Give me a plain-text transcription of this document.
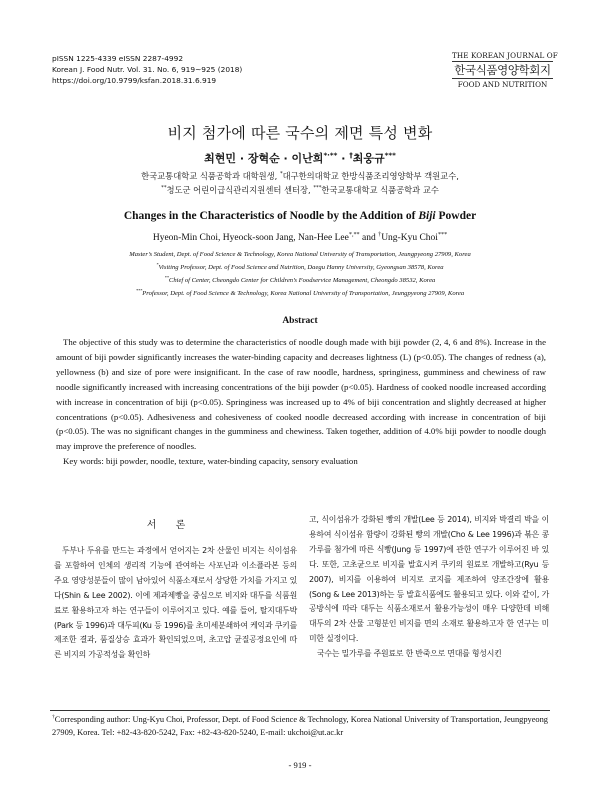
pISSN 1225-4339 eISSN 2287-4992
Korean J. Food Nutr. Vol. 31. No. 6, 919~925 (2018)
https://doi.org/10.9799/ksfan.2018.31.6.919
THE KOREAN JOURNAL OF
한국식품영양학회지
FOOD AND NUTRITION
비지 첨가에 따른 국수의 제면 특성 변화
최현민 · 장혁순 · 이난희*·** · †최웅규***
한국교통대학교 식품공학과 대학원생, *대구한의대학교 한방식품조리영양학부 객원교수,
**청도군 어린이급식관리지원센터 센터장, ***한국교통대학교 식품공학과 교수
Changes in the Characteristics of Noodle by the Addition of Biji Powder
Hyeon-Min Choi, Hyeock-soon Jang, Nan-Hee Lee*,** and †Ung-Kyu Choi***
Master’s Student, Dept. of Food Science & Technology, Korea National University of Transportation, Jeungpyeong 27909, Korea
*Visiting Professor, Dept. of Food Science and Nutrition, Daegu Hanny University, Gyeongsan 38578, Korea
**Chief of Center, Cheongdo Center for Children’s Foodservice Management, Cheongdo 38532, Korea
***Professor, Dept. of Food Science & Technology, Korea National University of Transportation, Jeungpyeong 27909, Korea
Abstract
The objective of this study was to determine the characteristics of noodle dough made with biji powder (2, 4, 6 and 8%). Increase in the amount of biji powder significantly increases the water-binding capacity and decreases lightness (L) (p<0.05). The changes of redness (a), yellowness (b) and size of pore were insignificant. In the case of raw noodle, hardness, springiness, gumminess and chewiness of raw noodle significantly increased with increasing concentrations of the biji powder (p<0.05). Hardness of cooked noodle increased according with increase in concentration of biji (p<0.05). Springiness was increased up to 4% of biji concentration and slightly decreased at higher concentrations (p<0.05). Adhesiveness and cohesiveness of cooked noodle decreased according with increase in concentration of biji (p<0.05). The was no significant changes in the gumminess and chewiness. Taken together, addition of 4.0% biji powder to noodle dough may improve the preference of noodles.
Key words: biji powder, noodle, texture, water-binding capacity, sensory evaluation
서 론
두부나 두유를 만드는 과정에서 얻어지는 2차 산물인 비지는 식이섬유를 포함하여 인체의 생리적 기능에 관여하는 사포닌과 이소플라본 등의 주요 영양성분들이 많이 남아있어 식품소재로서 상당한 가치를 가지고 있다(Shin & Lee 2002). 이에 제과제빵을 중심으로 비지와 대두를 식품원료로 활용하고자 하는 연구들이 이루어지고 있다. 예를 들어, 탈지대두박(Park 등 1996)과 대두피(Ku 등 1996)를 초미세분쇄하여 케익과 쿠키를 제조한 결과, 품질상승 효과가 확인되었으며, 초고압 균질공정요인에 따른 비지의 가공적성을 확인하
고, 식이섬유가 강화된 빵의 개발(Lee 등 2014), 비지와 박결리 박을 이용하여 식이섬유 함량이 강화된 빵의 개발(Cho & Lee 1996)과 볶은 콩가루를 첨가에 따른 식빵(Jung 등 1997)에 관한 연구가 이루어진 바 있다. 또한, 고초균으로 비지를 발효시켜 쿠키의 원료로 개발하고(Ryu 등 2007), 비지를 이용하여 비지로 코지를 제조하여 양조간장에 활용(Song & Lee 2013)하는 등 발효식품에도 활용되고 있다. 이와 같이, 가공방식에 따라 대두는 식품소재로서 활용가능성이 매우 다양한데 비해 대두의 2차 산물 고형분인 비지를 면의 소재로 활용하고자 한 연구는 미미한 실정이다.
국수는 밀가루를 주원료로 한 반죽으로 면대를 형성시킨
†Corresponding author: Ung-Kyu Choi, Professor, Dept. of Food Science & Technology, Korea National University of Transportation, Jeungpyeong 27909, Korea. Tel: +82-43-820-5242, Fax: +82-43-820-5240, E-mail: ukchoi@ut.ac.kr
- 919 -
